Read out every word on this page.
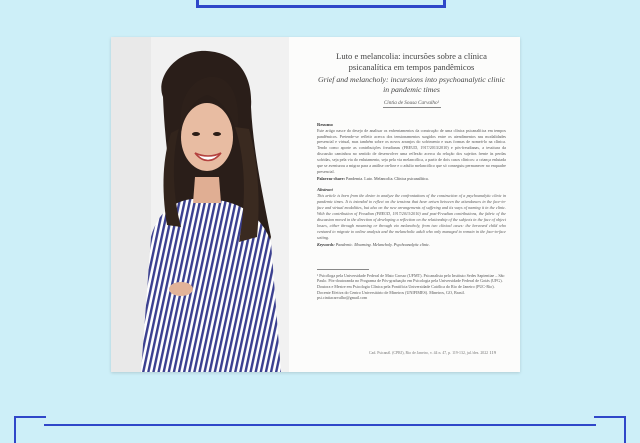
Luto e melancolia: incursões sobre a clínica psicanalítica em tempos pandêmicos
Grief and melancholy: incursions into psychoanalytic clinic in pandemic times
Cíntia de Sousa Carvalho¹
Resumo
Este artigo nasce do desejo de analisar os enfrentamentos da construção de uma clínica psicanalítica em tempos pandêmicos. Pretende-se refletir acerca dos tensionamentos surgidos entre os atendimentos nas modalidades presencial e virtual, mas também sobre os novos arranjos do sofrimento e suas formas de nomeá-lo na clínica. Tendo como aporte as contribuições freudianas (FREUD, 1917/2013/2010) e pós-freudianas, a tessitura da discussão caminhou no sentido de desenvolver uma reflexão acerca da relação dos sujeitos frente às perdas sofridas, seja pela via do enlutamento, seja pela via melancólica, a partir de dois casos clínicos: a criança enlutada que se aventurou a migrar para a análise on-line e o adulto melancólico que só conseguiu permanecer no enquadre presencial.
Palavras-chave: Pandemia. Luto. Melancolia. Clínica psicanalítica.
Abstract
This article is born from the desire to analyze the confrontations of the construction of a psychoanalytic clinic in pandemic times. It is intended to reflect on the tensions that have arisen between the attendances in the face-to-face and virtual modalities, but also on the new arrangements of suffering and its ways of naming it in the clinic. With the contribution of Freudian (FREUD, 1917/2013/2010) and post-Freudian contributions, the fabric of the discussion moved in the direction of developing a reflection on the relationship of the subjects in the face of object losses, either through mourning or through via melancholy, from two clinical cases: the bereaved child who ventured to migrate to online analysis and the melancholic adult who only managed to remain in the face-to-face setting.
Keywords: Pandemic. Mourning. Melancholy. Psychoanalytic clinic.
¹ Psicóloga pela Universidade Federal de Mato Grosso (UFMT). Psicanalista pelo Instituto Sedes Sapientiae – São Paulo. Pós-doutoranda no Programa de Pós-graduação em Psicologia pela Universidade Federal de Goiás (UFG). Doutora e Mestre em Psicologia Clínica pela Pontifícia Universidade Católica do Rio de Janeiro (PUC-Rio). Docente Efetiva do Centro Universitário de Mineiros (UNIFIMES). Mineiros, GO, Brasil. psi.cintiacarvalho@gmail.com
Cad. Psicanál. (CPRJ), Rio de Janeiro, v. 44 n. 47, p. 119-132, jul./dez. 2022 119
